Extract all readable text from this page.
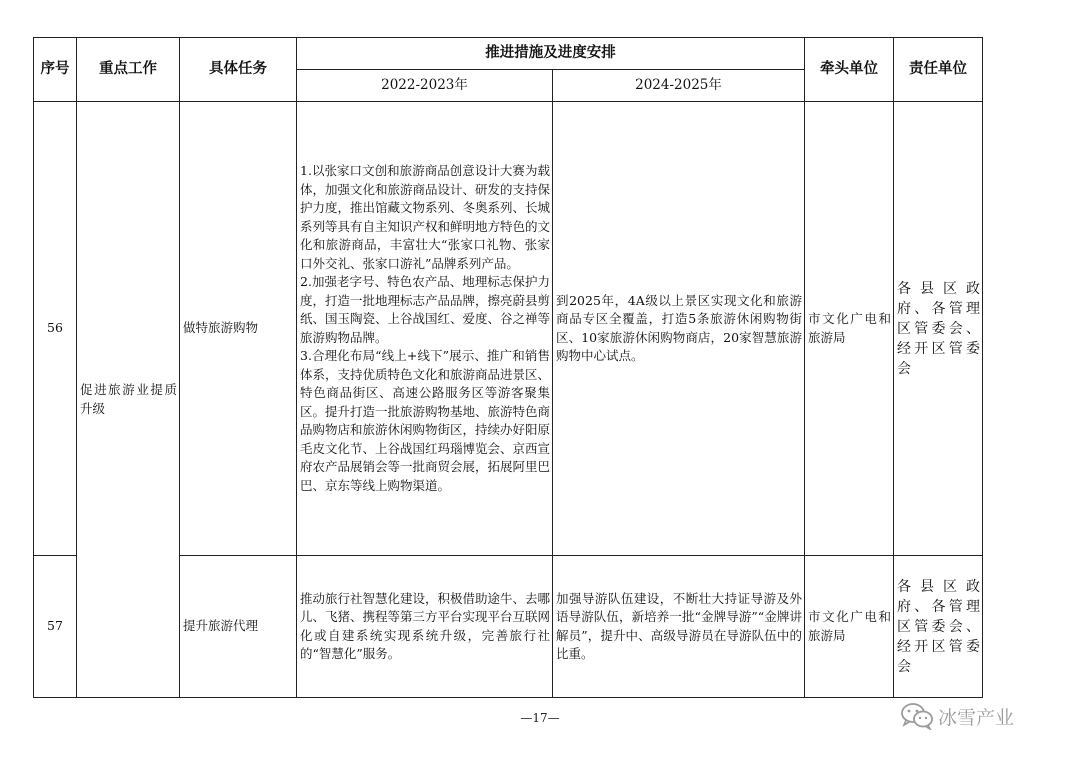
序号	重点工作	具体任务	推进措施及进度安排		牵头单位	责任单位
			2022-2023年	2024-2025年		
56	促进旅游业提质升级	做特旅游购物	1.以张家口文创和旅游商品创意设计大赛为载体，加强文化和旅游商品设计、研发的支持保护力度，推出馆藏文物系列、冬奥系列、长城系列等具有自主知识产权和鲜明地方特色的文化和旅游商品，丰富壮大“张家口礼物、张家口外交礼、张家口游礼”品牌系列产品。
2.加强老字号、特色农产品、地理标志保护力度，打造一批地理标志产品品牌，擦亮蔚县剪纸、国玉陶瓷、上谷战国红、爱度、谷之禅等旅游购物品牌。
3.合理化布局“线上+线下”展示、推广和销售体系，支持优质特色文化和旅游商品进景区、特色商品街区、高速公路服务区等游客聚集区。提升打造一批旅游购物基地、旅游特色商品购物店和旅游休闲购物街区，持续办好阳原毛皮文化节、上谷战国红玛瑙博览会、京西宣府农产品展销会等一批商贸会展，拓展阿里巴巴、京东等线上购物渠道。	到2025年，4A级以上景区实现文化和旅游商品专区全覆盖，打造5条旅游休闲购物街区、10家旅游休闲购物商店，20家智慧旅游购物中心试点。	市文化广电和旅游局	各县区政府、各管理区管委会、经开区管委会
57		提升旅游代理	推动旅行社智慧化建设，积极借助途牛、去哪儿、飞猪、携程等第三方平台实现平台互联网化或自建系统实现系统升级，完善旅行社的“智慧化”服务。	加强导游队伍建设，不断壮大持证导游及外语导游队伍，新培养一批“金牌导游”“金牌讲解员”，提升中、高级导游员在导游队伍中的比重。	市文化广电和旅游局	各县区政府、各管理区管委会、经开区管委会
—17—	冰雪产业
